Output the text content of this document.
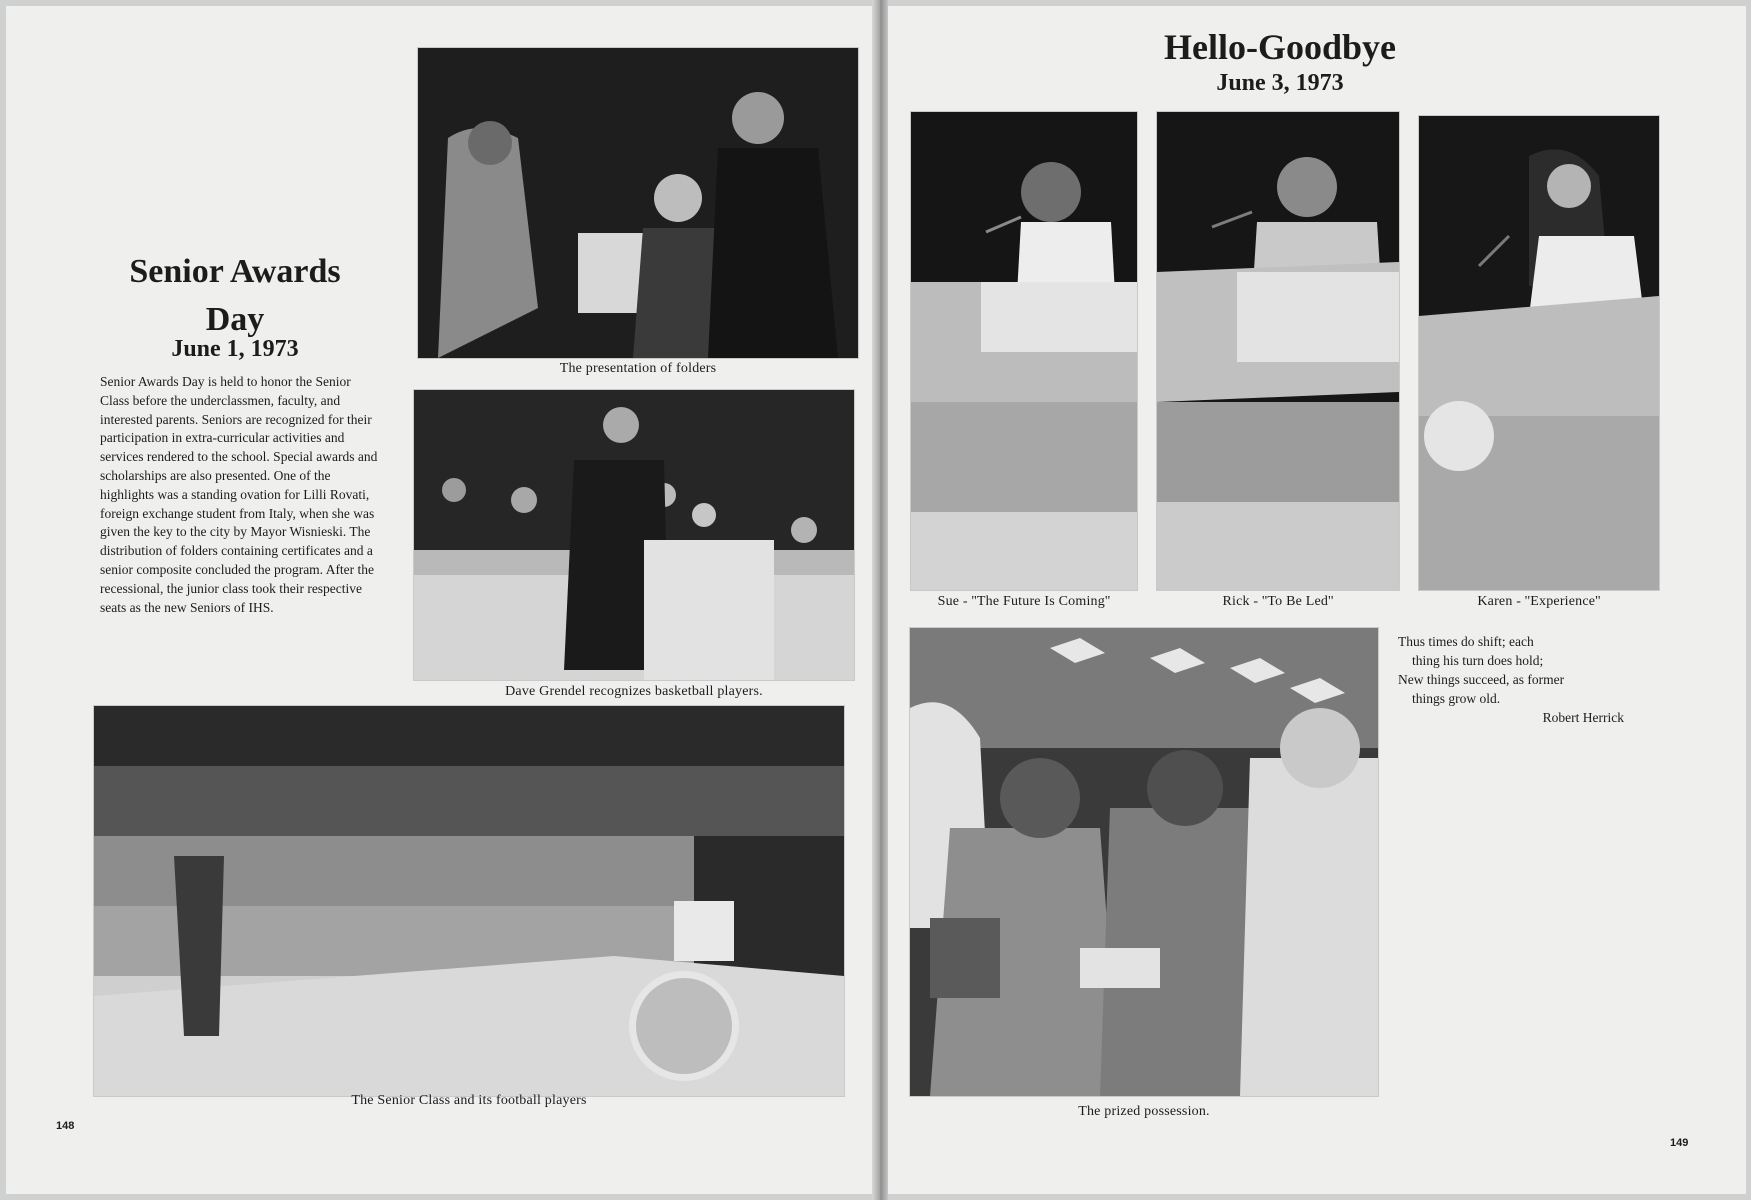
The presentation of folders
Senior Awards Day
June 1, 1973

Senior Awards Day is held to honor the Senior Class before the underclassmen, faculty, and interested parents. Seniors are recognized for their participation in extra-curricular activities and services rendered to the school. Special awards and scholarships are also presented. One of the highlights was a standing ovation for Lilli Rovati, foreign exchange student from Italy, when she was given the key to the city by Mayor Wisnieski. The distribution of folders containing certificates and a senior composite concluded the program. After the recessional, the junior class took their respective seats as the new Seniors of IHS.

Dave Grendel recognizes basketball players.
The Senior Class and its football players
148
Hello-Goodbye
June 3, 1973
Sue - ''The Future Is Coming''	Rick - ''To Be Led''	Karen - ''Experience''
The prized possession.
Thus times do shift; each
thing his turn does hold;
New things succeed, as former
things grow old.
Robert Herrick
149
